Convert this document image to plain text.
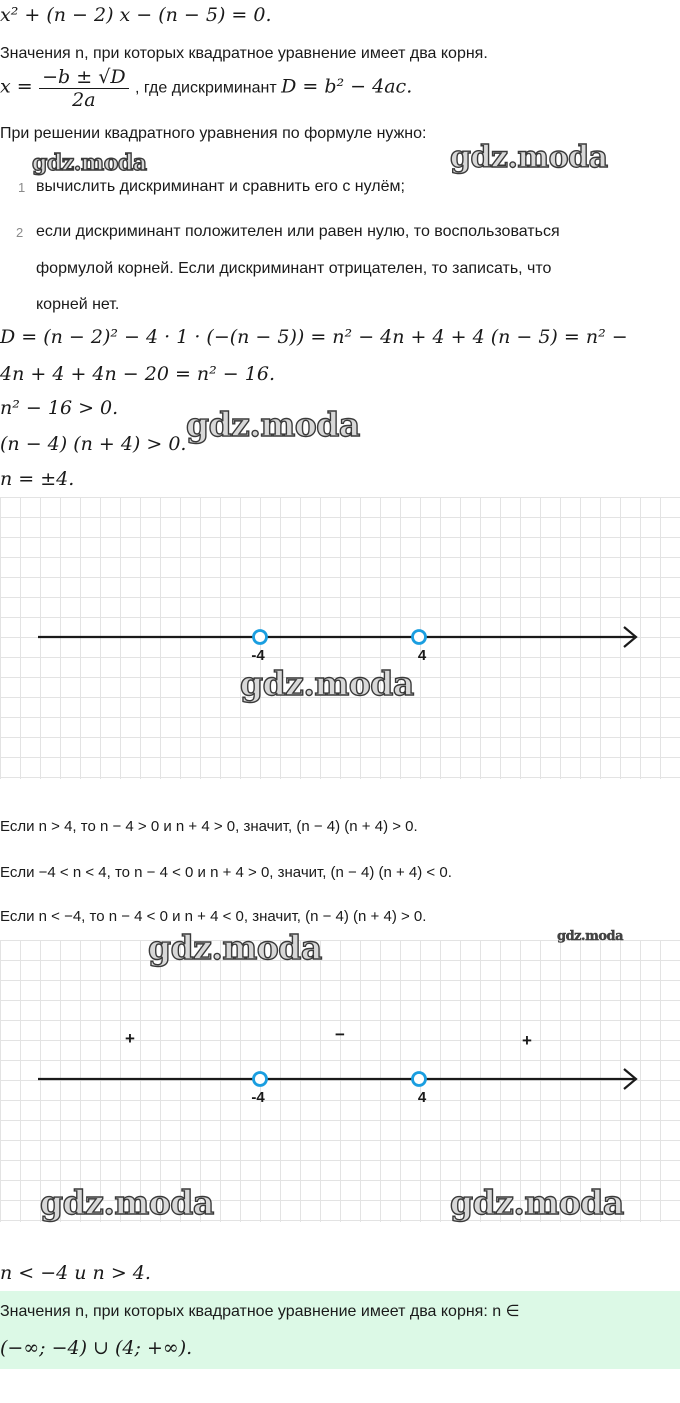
x² + (n − 2) x − (n − 5) = 0.
Значения n, при которых квадратное уравнение имеет два корня.
$x = \frac{-b \pm √D}{2a}$ , где дискриминант D = b² − 4ac.
При решении квадратного уравнения по формуле нужно:
1 вычислить дискриминант и сравнить его с нулём;
2 если дискриминант положителен или равен нулю, то воспользоваться
формулой корней. Если дискриминант отрицателен, то записать, что
корней нет.
D = (n − 2)² − 4 · 1 · (−(n − 5)) = n² − 4n + 4 + 4 (n − 5) = n² −
4n + 4 + 4n − 20 = n² − 16.
n² − 16 > 0.
(n − 4) (n + 4) > 0.
n = ±4.
-4	4
Если n > 4, то n − 4 > 0 и n + 4 > 0, значит, (n − 4) (n + 4) > 0.
Если −4 < n < 4, то n − 4 < 0 и n + 4 > 0, значит, (n − 4) (n + 4) < 0.
Если n < −4, то n − 4 < 0 и n + 4 < 0, значит, (n − 4) (n + 4) > 0.
+	−	+
-4	4
n < −4 и n > 4.
Значения n, при которых квадратное уравнение имеет два корня: n ∈
(−∞; −4) ∪ (4; +∞).
gdz.moda	gdz.moda
gdz.moda
gdz.moda
gdz.moda	gdz.moda
gdz.moda	gdz.moda
